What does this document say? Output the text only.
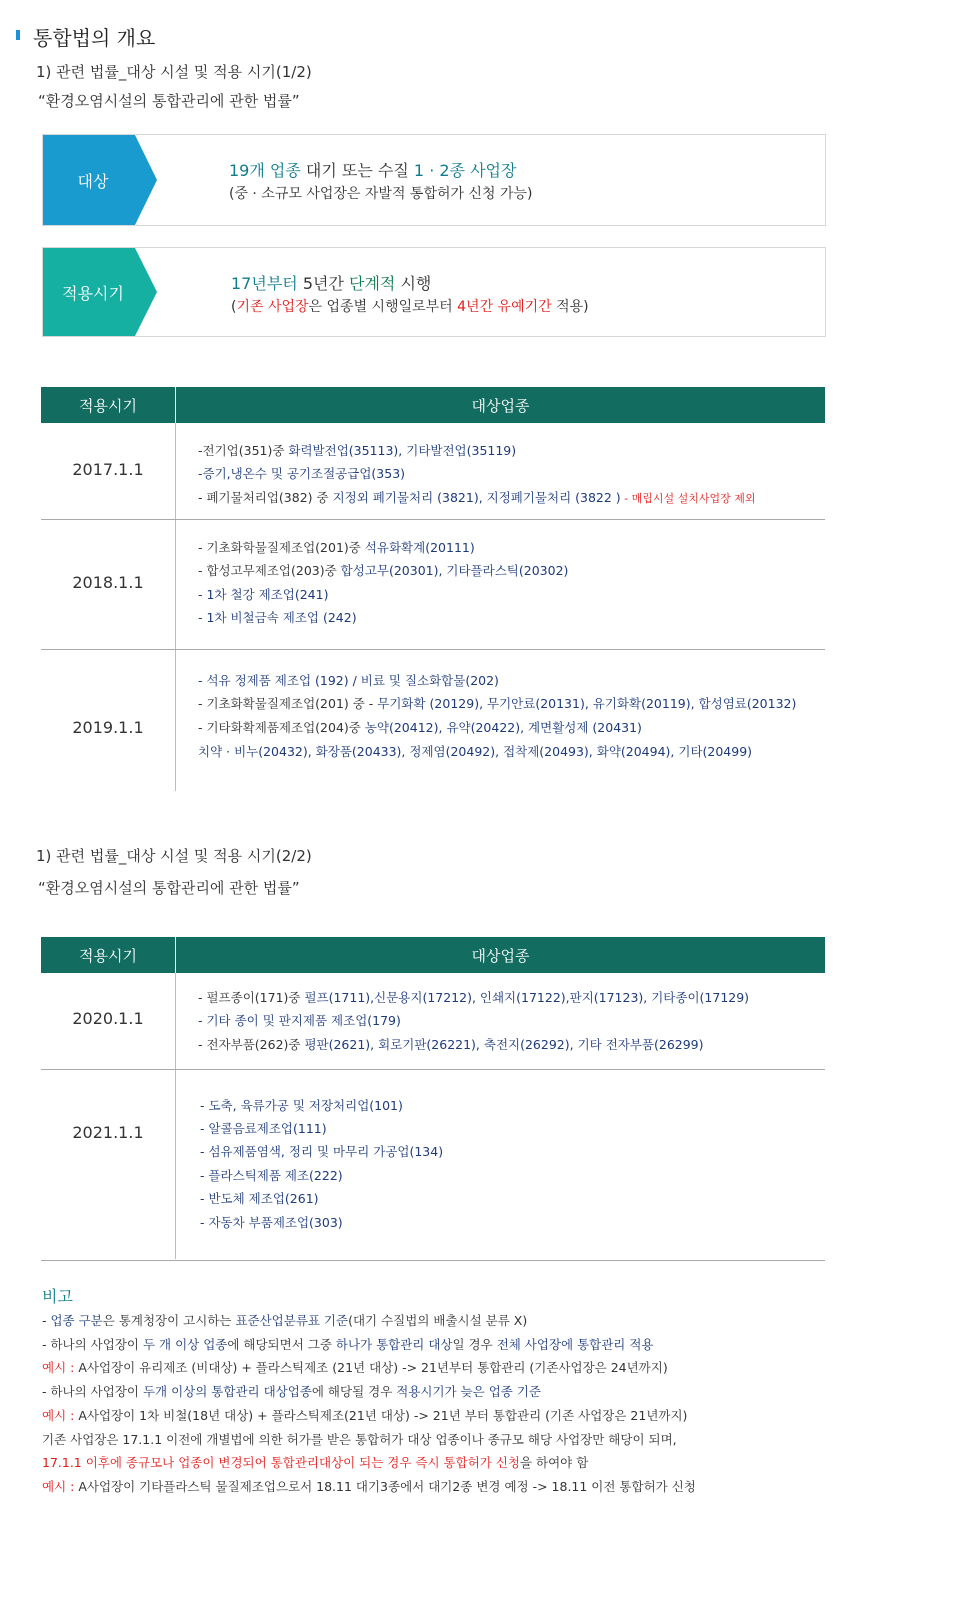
통합법의 개요
1) 관련 법률_대상 시설 및 적용 시기(1/2)
“환경오염시설의 통합관리에 관한 법률”
대상
19개 업종 대기 또는 수질 1 · 2종 사업장
(중 · 소규모 사업장은 자발적 통합허가 신청 가능)
적용시기	17년부터 5년간 단계적 시행
(기존 사업장은 업종별 시행일로부터 4년간 유예기간 적용)
적용시기	대상업종
2017.1.1
-전기업(351)중 화력발전업(35113), 기타발전업(35119)
-증기,냉온수 및 공기조절공급업(353)
- 폐기물처리업(382) 중 지정외 폐기물처리 (3821), 지정폐기물처리 (3822 ) - 매립시설 설치사업장 제외
2018.1.1
- 기초화학물질제조업(201)중 석유화확계(20111)
- 합성고무제조업(203)중 합성고무(20301), 기타플라스틱(20302)
- 1차 철강 제조업(241)
- 1차 비철금속 제조업 (242)
2019.1.1
- 석유 정제품 제조업 (192) / 비료 및 질소화합물(202)
- 기초화확물질제조업(201) 중 - 무기화확 (20129), 무기안료(20131), 유기화확(20119), 합성염료(20132)
- 기타화확제품제조업(204)중 농약(20412), 유약(20422), 계면활성제 (20431)
치약 · 비누(20432), 화장품(20433), 정제염(20492), 접착제(20493), 화약(20494), 기타(20499)
1) 관련 법률_대상 시설 및 적용 시기(2/2)
“환경오염시설의 통합관리에 관한 법률”
적용시기	대상업종
2020.1.1
- 펄프종이(171)중 펄프(1711),신문용지(17212), 인쇄지(17122),판지(17123), 기타종이(17129)
- 기타 종이 및 판지제품 제조업(179)
- 전자부품(262)중 평판(2621), 회로기판(26221), 축전지(26292), 기타 전자부품(26299)
2021.1.1
- 도축, 육류가공 및 저장처리업(101)
- 알콜음료제조업(111)
- 섬유제품염색, 정리 및 마무리 가공업(134)
- 플라스틱제품 제조(222)
- 반도체 제조업(261)
- 자동차 부품제조업(303)
비고
- 업종 구분은 통계청장이 고시하는 표준산업분류표 기준(대기 수질법의 배출시설 분류 X)
- 하나의 사업장이 두 개 이상 업종에 해당되면서 그중 하나가 통합관리 대상일 경우 전체 사업장에 통합관리 적용
예시 : A사업장이 유리제조 (비대상) + 플라스틱제조 (21년 대상) -> 21년부터 통합관리 (기존사업장은 24년까지)
- 하나의 사업장이 두개 이상의 통합관리 대상업종에 해당될 경우 적용시기가 늦은 업종 기준
예시 : A사업장이 1차 비철(18년 대상) + 플라스틱제조(21년 대상) -> 21년 부터 통합관리 (기존 사업장은 21년까지)
기존 사업장은 17.1.1 이전에 개별법에 의한 허가를 받은 통합허가 대상 업종이나 종규모 해당 사업장만 해당이 되며,
17.1.1 이후에 종규모나 업종이 변경되어 통합관리대상이 되는 경우 즉시 통합허가 신청을 하여야 함
예시 : A사업장이 기타플라스틱 물질제조업으로서 18.11 대기3종에서 대기2종 변경 예정 -> 18.11 이전 통합허가 신청
